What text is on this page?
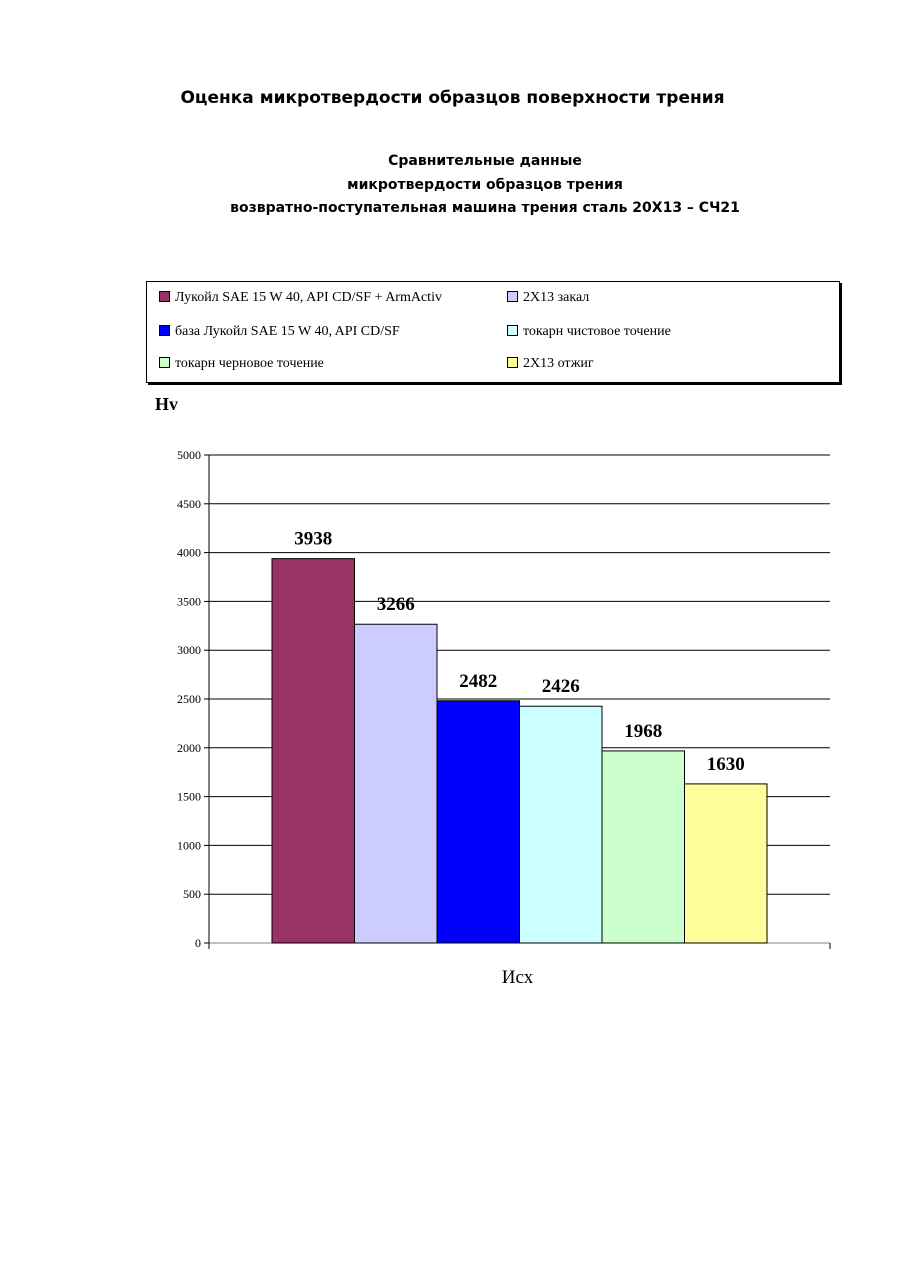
Оценка микротвердости образцов поверхности трения
Сравнительные данные
микротвердости образцов трения
возвратно-поступательная машина трения сталь 20Х13 – СЧ21
Лукойл SAE 15 W 40, API CD/SF + ArmActiv	2Х13 закал
база Лукойл SAE 15 W 40, API CD/SF	токарн чистовое точение
токарн черновое точение	2Х13 отжиг
Hv
0
500
1000
1500
2000
2500
3000
3500
4000
4500
5000
3938
3266
2482 2426
1968
1630
Исх
